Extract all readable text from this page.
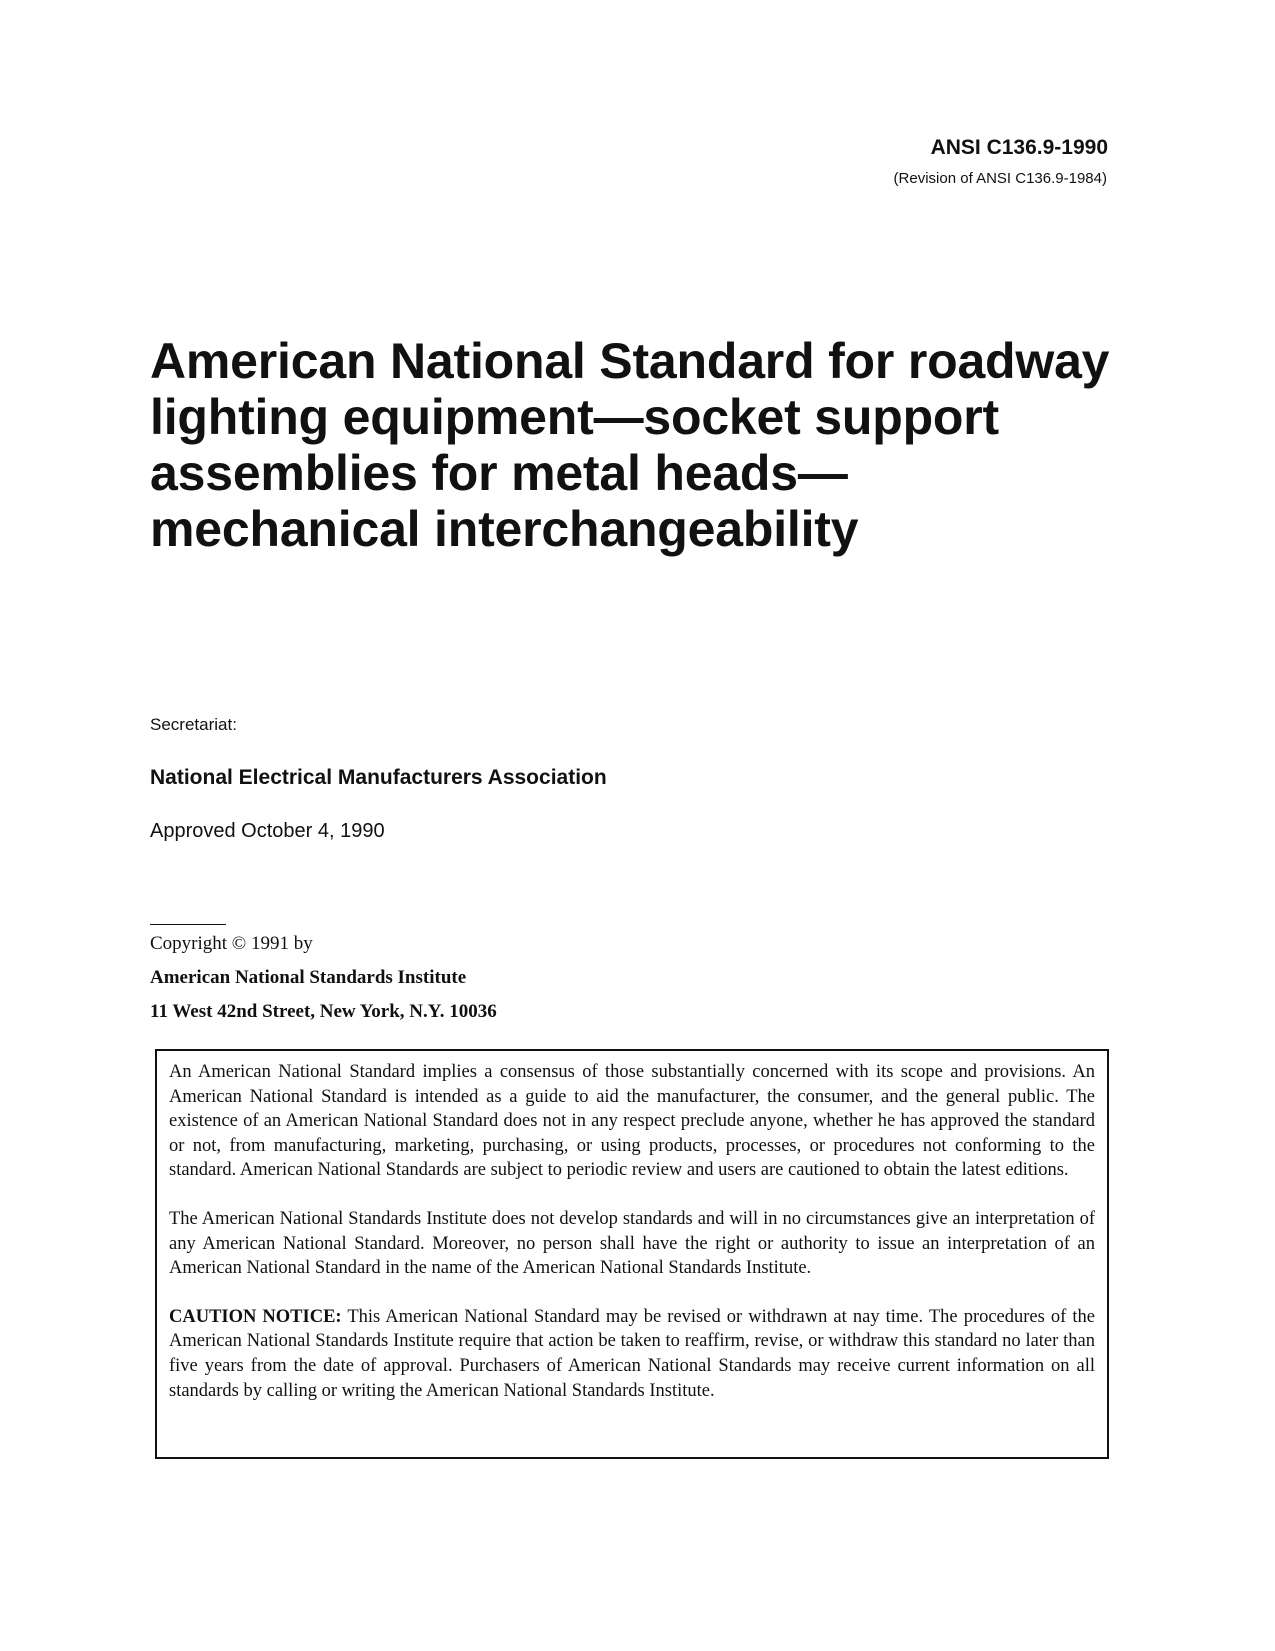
ANSI C136.9-1990
(Revision of ANSI C136.9-1984)
American National Standard for roadway
lighting equipment—socket support
assemblies for metal heads—
mechanical interchangeability
Secretariat:
National Electrical Manufacturers Association
Approved October 4, 1990
Copyright © 1991 by
American National Standards Institute
11 West 42nd Street, New York, N.Y. 10036

An American National Standard implies a consensus of those substantially concerned with its scope and provisions. An American National Standard is intended as a guide to aid the manufacturer, the consumer, and the general public. The existence of an American National Standard does not in any respect preclude anyone, whether he has approved the standard or not, from manufacturing, marketing, purchasing, or using products, processes, or procedures not conforming to the standard. American National Standards are subject to periodic review and users are cautioned to obtain the latest editions.

The American National Standards Institute does not develop standards and will in no circumstances give an interpretation of any American National Standard. Moreover, no person shall have the right or authority to issue an interpretation of an American National Standard in the name of the American National Standards Institute.

CAUTION NOTICE: This American National Standard may be revised or withdrawn at nay time. The procedures of the American National Standards Institute require that action be taken to reaffirm, revise, or withdraw this standard no later than five years from the date of approval. Purchasers of American National Standards may receive current information on all standards by calling or writing the American National Standards Institute.
